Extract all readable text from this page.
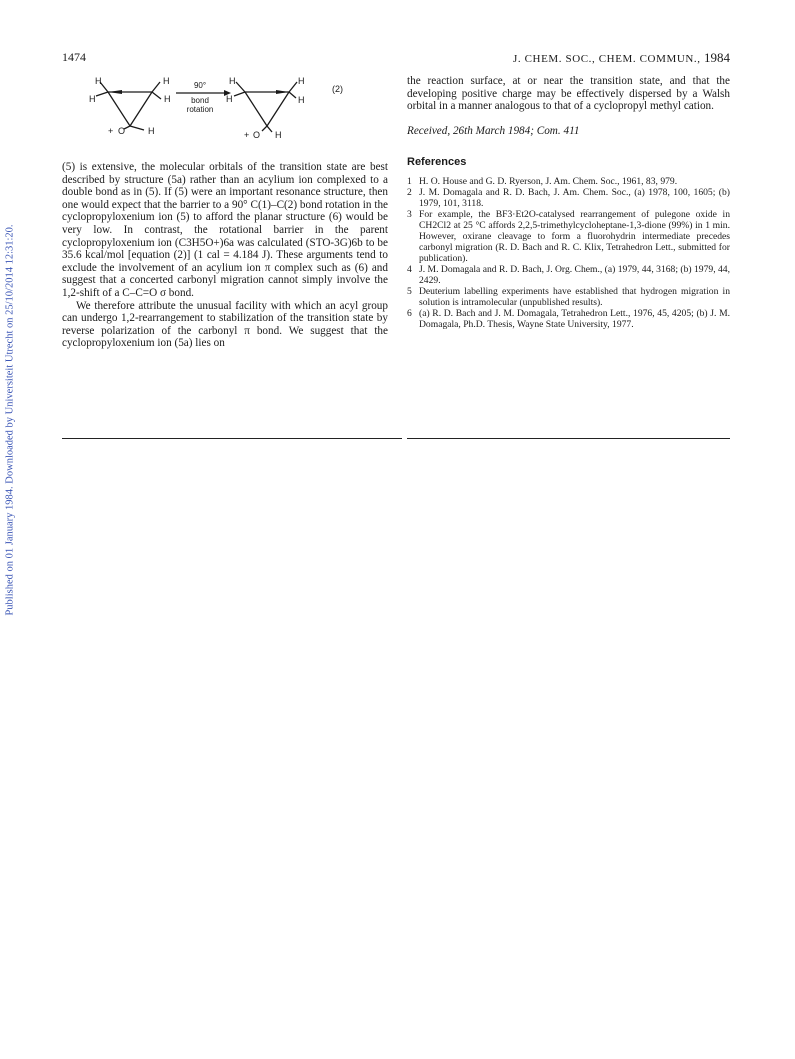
Published on 01 January 1984. Downloaded by Universiteit Utrecht on 25/10/2014 12:31:20.
1474	J. CHEM. SOC., CHEM. COMMUN., 1984
H
H
H
H
+ O	H
90°
bond
rotation
H
H
H
H
+ O H
(2)

(5) is extensive, the molecular orbitals of the transition state are best described by structure (5a) rather than an acylium ion complexed to a double bond as in (5). If (5) were an important resonance structure, then one would expect that the barrier to a 90° C(1)–C(2) bond rotation in the cyclopropyloxenium ion (5) to afford the planar structure (6) would be very low. In contrast, the rotational barrier in the parent cyclopropyloxenium ion (C3H5O+)6a was calculated (STO-3G)6b to be 35.6 kcal/mol [equation (2)] (1 cal = 4.184 J). These arguments tend to exclude the involvement of an acylium ion π complex such as (6) and suggest that a concerted carbonyl migration cannot simply involve the 1,2-shift of a C–C=O σ bond.

We therefore attribute the unusual facility with which an acyl group can undergo 1,2-rearrangement to stabilization of the transition state by reverse polarization of the carbonyl π bond. We suggest that the cyclopropyloxenium ion (5a) lies on

the reaction surface, at or near the transition state, and that the developing positive charge may be effectively dispersed by a Walsh orbital in a manner analogous to that of a cyclopropyl methyl cation.

Received, 26th March 1984; Com. 411

References
1 H. O. House and G. D. Ryerson, J. Am. Chem. Soc., 1961, 83, 979.
2 J. M. Domagala and R. D. Bach, J. Am. Chem. Soc., (a) 1978, 100, 1605; (b) 1979, 101, 3118.
3 For example, the BF3·Et2O-catalysed rearrangement of pulegone oxide in CH2Cl2 at 25 °C affords 2,2,5-trimethylcycloheptane-1,3-dione (99%) in 1 min. However, oxirane cleavage to form a fluorohydrin intermediate precedes carbonyl migration (R. D. Bach and R. C. Klix, Tetrahedron Lett., submitted for publication).
4 J. M. Domagala and R. D. Bach, J. Org. Chem., (a) 1979, 44, 3168; (b) 1979, 44, 2429.
5 Deuterium labelling experiments have established that hydrogen migration in solution is intramolecular (unpublished results).
6 (a) R. D. Bach and J. M. Domagala, Tetrahedron Lett., 1976, 45, 4205; (b) J. M. Domagala, Ph.D. Thesis, Wayne State University, 1977.
